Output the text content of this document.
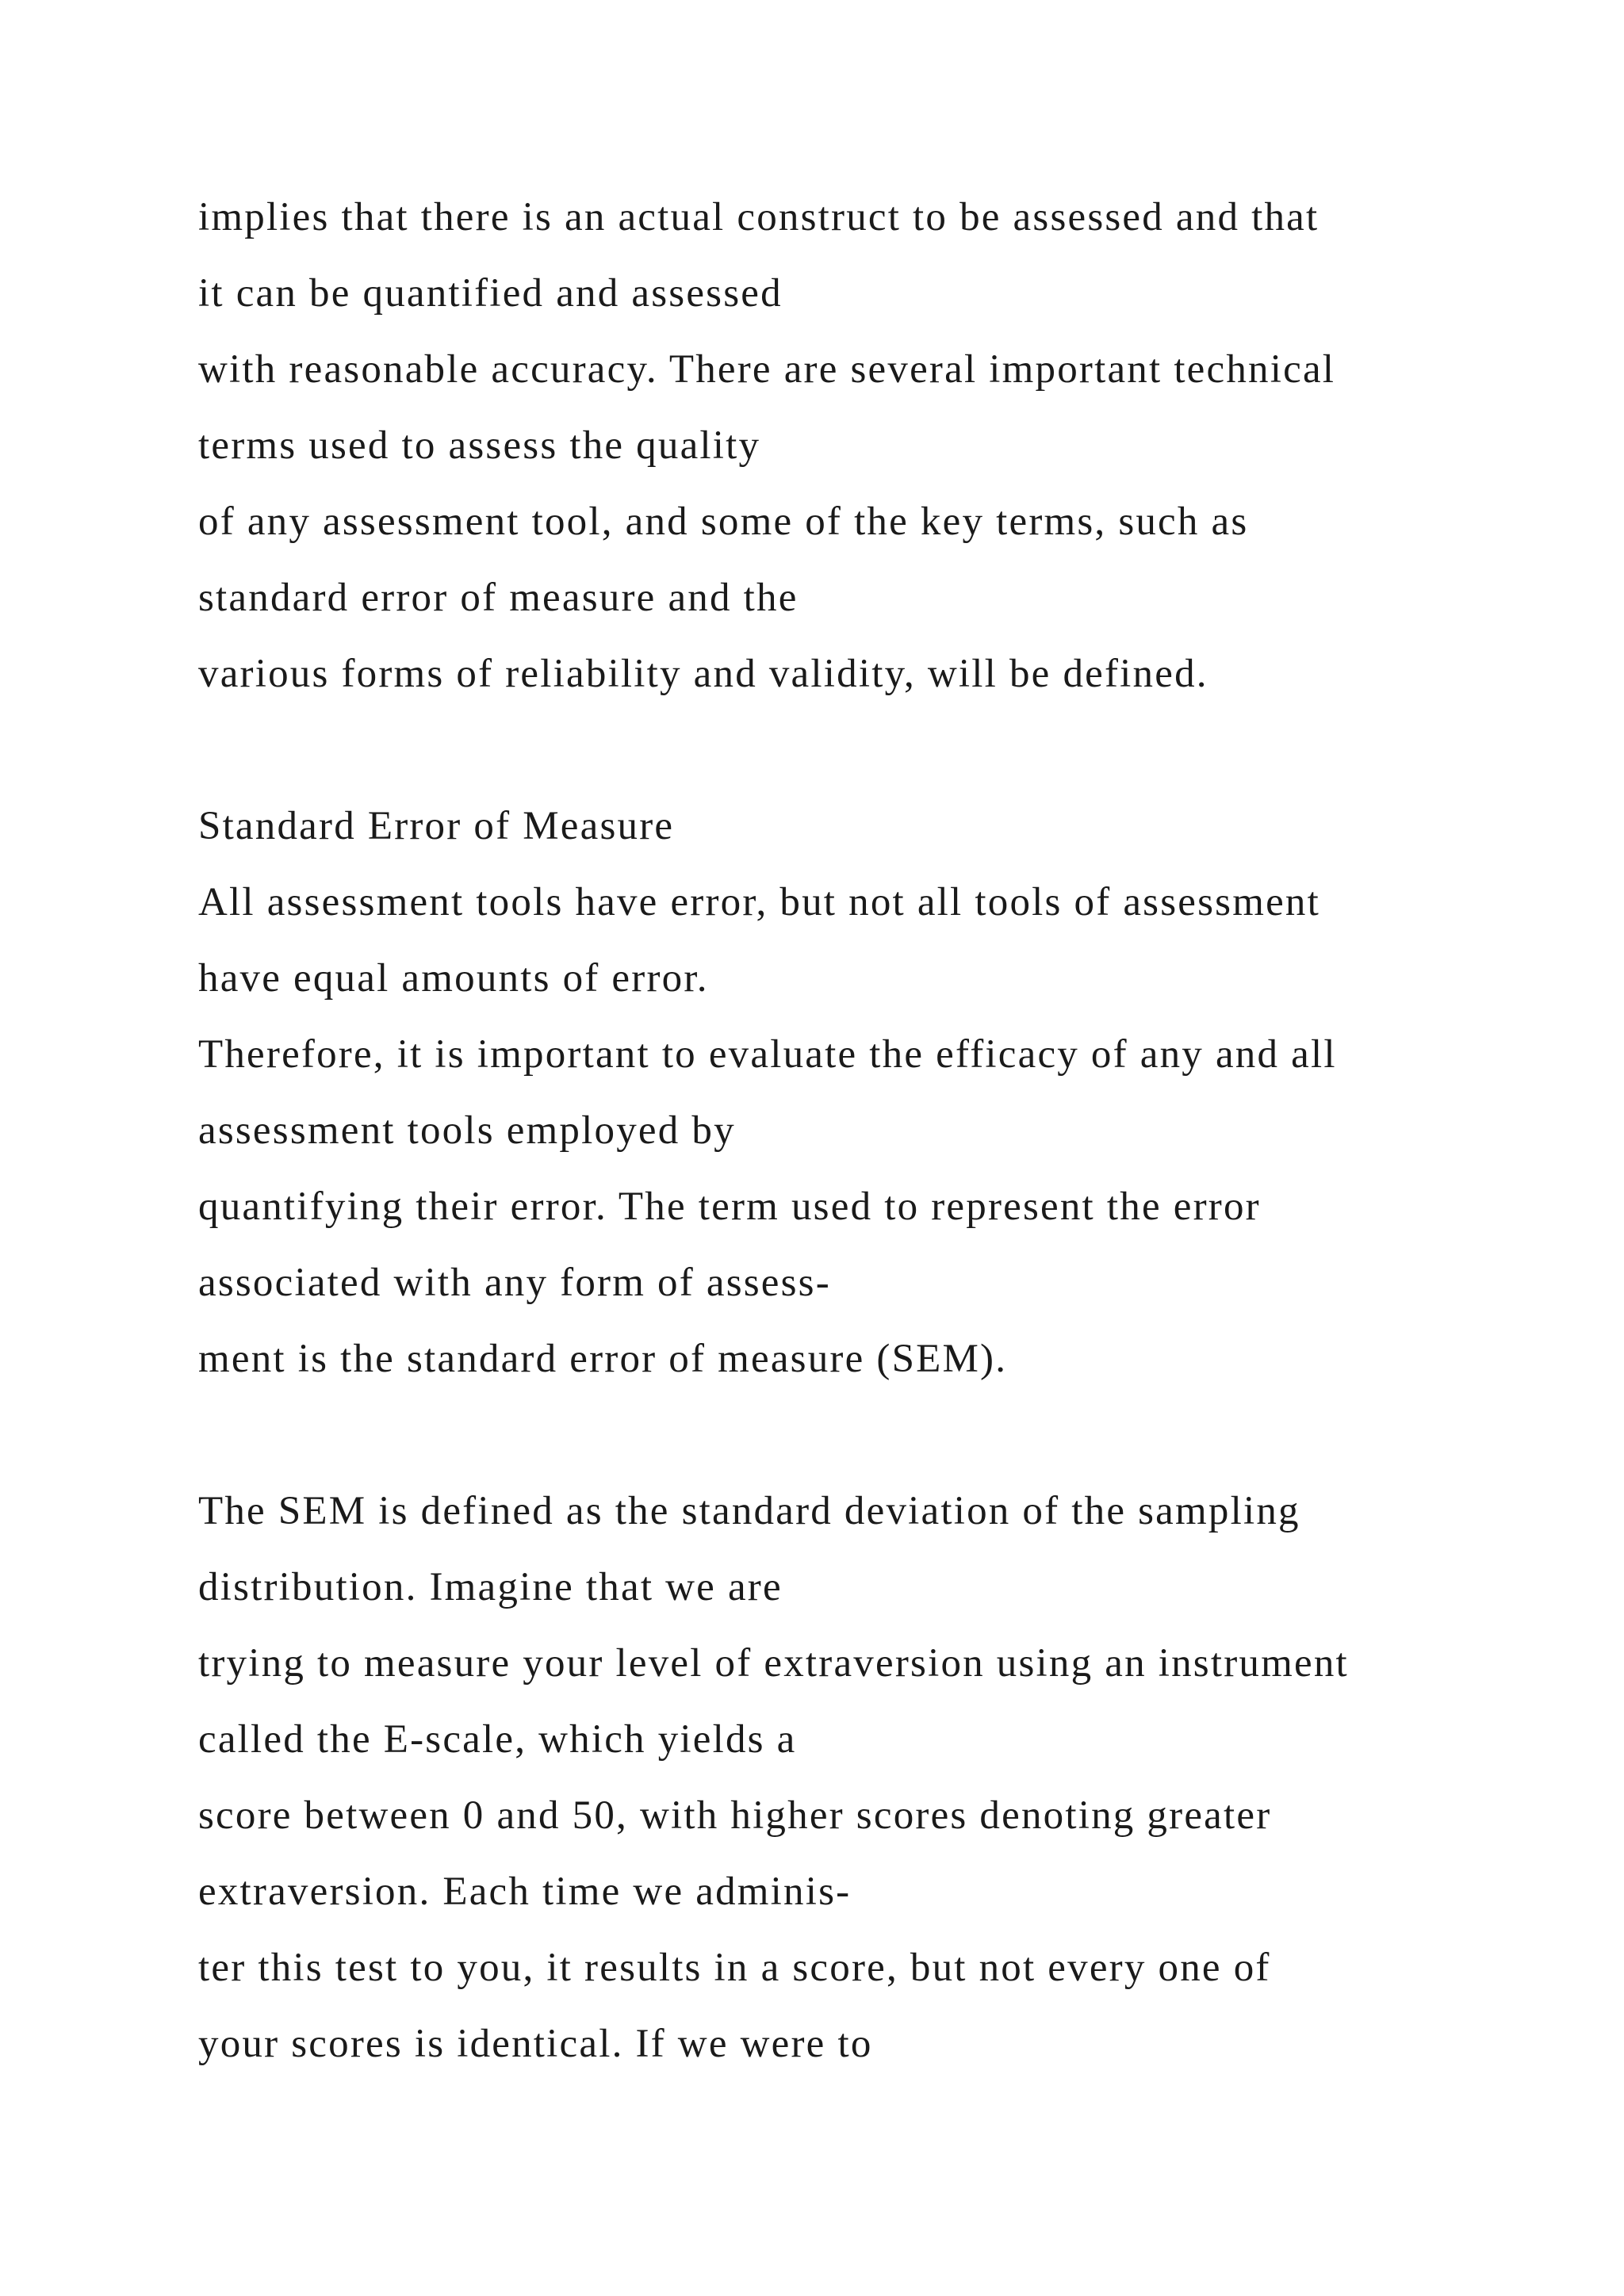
implies that there is an actual construct to be assessed and that
it can be quantified and assessed
with reasonable accuracy. There are several important technical
terms used to assess the quality
of any assessment tool, and some of the key terms, such as
standard error of measure and the
various forms of reliability and validity, will be defined.
Standard Error of Measure
All assessment tools have error, but not all tools of assessment
have equal amounts of error.
Therefore, it is important to evaluate the efficacy of any and all
assessment tools employed by
quantifying their error. The term used to represent the error
associated with any form of assess-
ment is the standard error of measure (SEM).
The SEM is defined as the standard deviation of the sampling
distribution. Imagine that we are
trying to measure your level of extraversion using an instrument
called the E-scale, which yields a
score between 0 and 50, with higher scores denoting greater
extraversion. Each time we adminis-
ter this test to you, it results in a score, but not every one of
your scores is identical. If we were to
